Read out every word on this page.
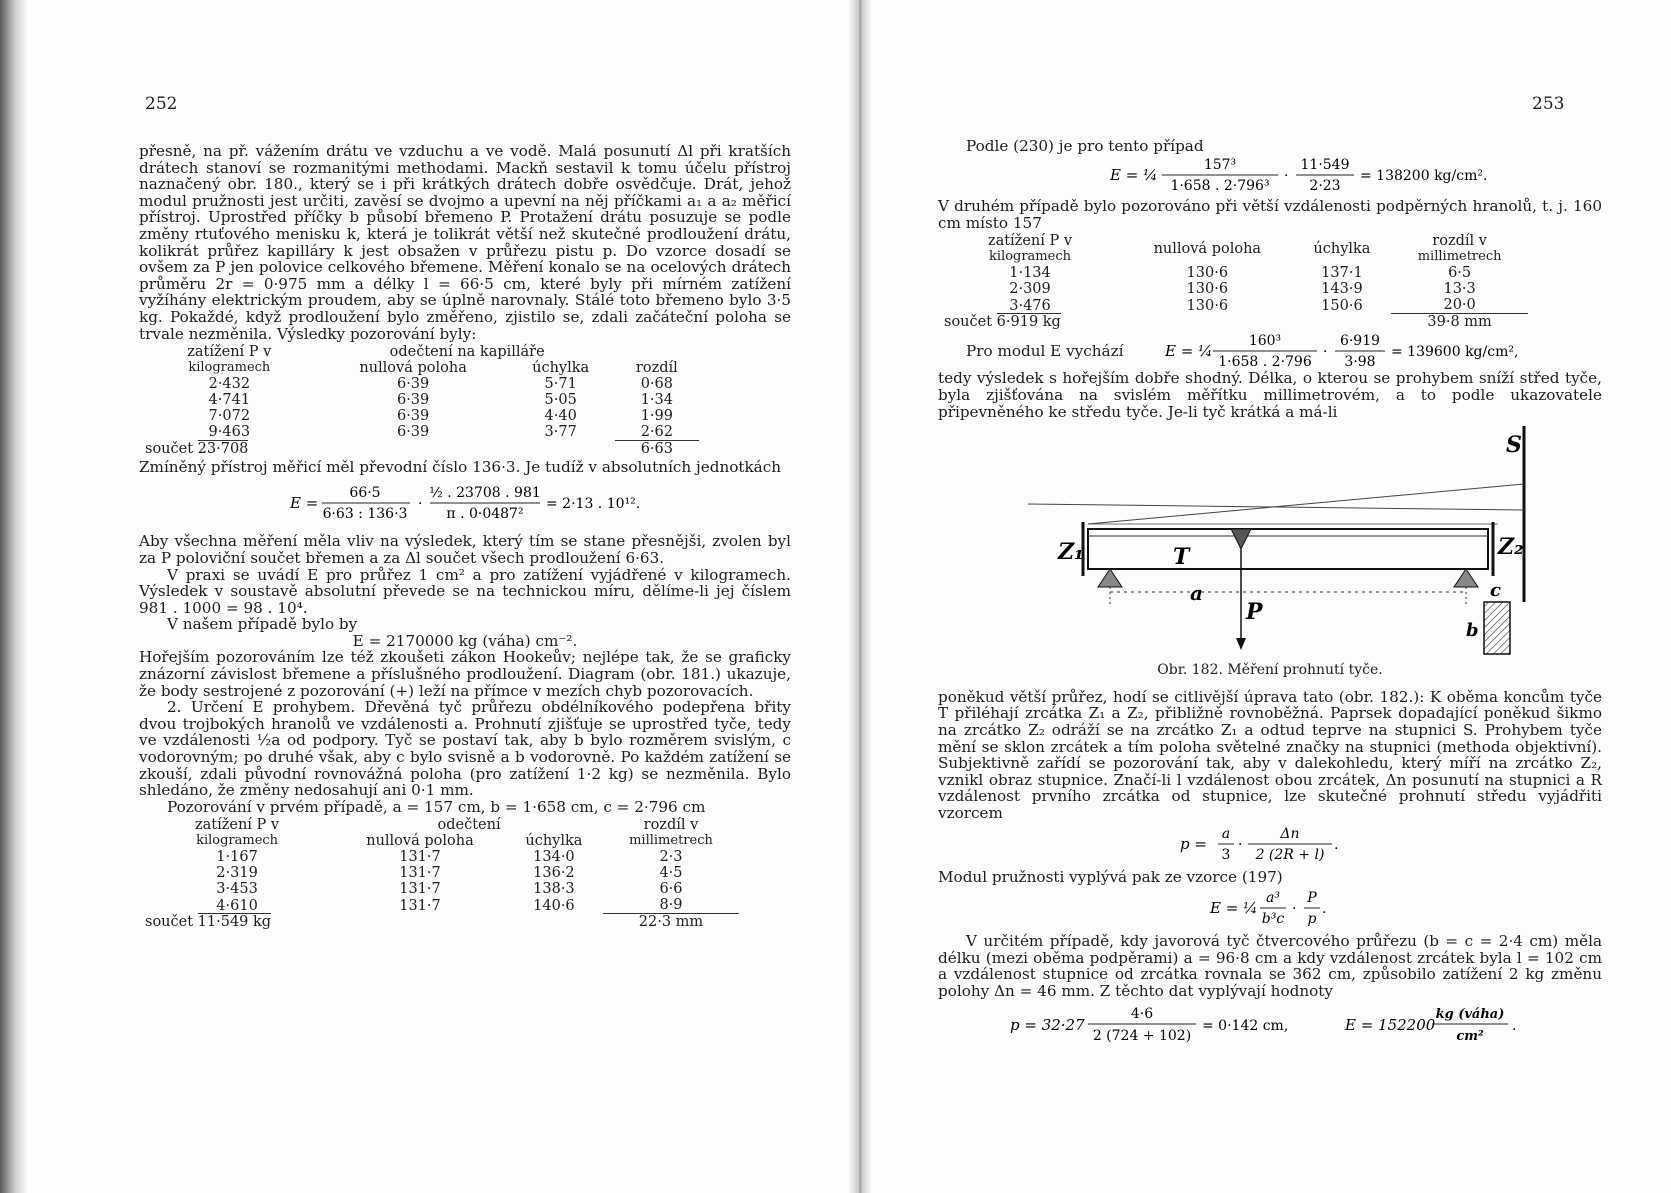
252

přesně, na př. vážením drátu ve vzduchu a ve vodě. Malá posunutí Δl při kratších drátech stanoví se rozmanitými methodami. Mackň sestavil k tomu účelu přístroj naznačený obr. 180., který se i při krátkých drátech dobře osvědčuje. Drát, jehož modul pružnosti jest určiti, zavěsí se dvojmo a upevní na něj příčkami a₁ a a₂ měřicí přístroj. Uprostřed příčky b působí břemeno P. Protažení drátu posuzuje se podle změny rtuťového menisku k, která je tolikrát větší než skutečné prodloužení drátu, kolikrát průřez kapilláry k jest obsažen v průřezu pistu p. Do vzorce dosadí se ovšem za P jen polovice celkového břemene. Měření konalo se na ocelových drátech průměru 2r = 0·975 mm a délky l = 66·5 cm, které byly při mírném zatížení vyžíhány elektrickým proudem, aby se úplně narovnaly. Stálé toto břemeno bylo 3·5 kg. Pokaždé, když prodloužení bylo změřeno, zjistilo se, zdali začáteční poloha se trvale nezměnila. Výsledky pozorování byly:

zatížení P v	odečtení na kapilláře		
kilogramech	nullová poloha	úchylka	rozdíl
2·432	6·39	5·71	0·68
4·741	6·39	5·05	1·34
7·072	6·39	4·40	1·99
9·463	6·39	3·77	2·62
součet 23·708			6·63

Zmíněný přístroj měřicí měl převodní číslo 136·3. Je tudíž v absolutních jednotkách

E =
66·5
6·63 : 136·3
·
½ . 23708 . 981
π . 0·0487²
= 2·13 . 10¹².

Aby všechna měření měla vliv na výsledek, který tím se stane přesnějši, zvolen byl za P poloviční součet břemen a za Δl součet všech prodloužení 6·63.

V praxi se uvádí E pro průřez 1 cm² a pro zatížení vyjádřené v kilogramech. Výsledek v soustavě absolutní převede se na technickou míru, dělíme-li jej číslem 981 . 1000 = 98 . 10⁴.

V našem případě bylo by

E = 2170000 kg (váha) cm⁻².

Hořejším pozorováním lze též zkoušeti zákon Hookeův; nejlépe tak, že se graficky znázorní závislost břemene a příslušného prodloužení. Diagram (obr. 181.) ukazuje, že body sestrojené z pozorování (+) leží na přímce v mezích chyb pozorovacích.

2. Určení E prohybem. Dřevěná tyč průřezu obdélníkového podepřena břity dvou trojbokých hranolů ve vzdálenosti a. Prohnutí zjišťuje se uprostřed tyče, tedy ve vzdálenosti ½a od podpory. Tyč se postaví tak, aby b bylo rozměrem svislým, c vodorovným; po druhé však, aby c bylo svisně a b vodorovně. Po každém zatížení se zkouší, zdali původní rovnovážná poloha (pro zatížení 1·2 kg) se nezměnila. Bylo shledáno, že změny nedosahují ani 0·1 mm.

Pozorování v prvém případě, a = 157 cm, b = 1·658 cm, c = 2·796 cm

zatížení P v	odečtení		rozdíl v
kilogramech	nullová poloha	úchylka	millimetrech
1·167	131·7	134·0	2·3
2·319	131·7	136·2	4·5
3·453	131·7	138·3	6·6
4·610	131·7	140·6	8·9
součet 11·549 kg			22·3 mm
253

Podle (230) je pro tento případ

E = ¼
157³
1·658 . 2·796³
·
11·549
2·23
= 138200 kg/cm².

V druhém případě bylo pozorováno při větší vzdálenosti podpěrných hranolů, t. j. 160 cm místo 157

zatížení P v	nullová poloha	úchylka	rozdíl v
kilogramech			millimetrech
1·134	130·6	137·1	6·5
2·309	130·6	143·9	13·3
3·476	130·6	150·6	20·0
součet 6·919 kg			39·8 mm
Pro modul E vychází	E = ¼
160³
1·658 . 2·796
·
6·919
3·98
= 139600 kg/cm²,

tedy výsledek s hořejším dobře shodný. Délka, o kterou se prohybem sníží střed tyče, byla zjišťována na svislém měřítku millimetrovém, a to podle ukazovatele připevněného ke středu tyče. Je-li tyč krátká a má-li

S
Z₁	Z₂
T
a
P
c
b
Obr. 182. Měření prohnutí tyče.

poněkud větší průřez, hodí se citlivější úprava tato (obr. 182.): K oběma koncům tyče T přiléhají zrcátka Z₁ a Z₂, přibližně rovnoběžná. Paprsek dopadající poněkud šikmo na zrcátko Z₂ odráží se na zrcátko Z₁ a odtud teprve na stupnici S. Prohybem tyče mění se sklon zrcátek a tím poloha světelné značky na stupnici (methoda objektivní). Subjektivně zařídí se pozorování tak, aby v dalekohledu, který míří na zrcátko Z₂, vznikl obraz stupnice. Značí-li l vzdálenost obou zrcátek, Δn posunutí na stupnici a R vzdálenost prvního zrcátka od stupnice, lze skutečné prohnutí středu vyjádřiti vzorcem

p =
a
3
·
Δn
2 (2R + l)
.

Modul pružnosti vyplývá pak ze vzorce (197)

E = ¼
a³
b³c
·
P
p
.

V určitém případě, kdy javorová tyč čtvercového průřezu (b = c = 2·4 cm) měla délku (mezi oběma podpěrami) a = 96·8 cm a kdy vzdálenost zrcátek byla l = 102 cm a vzdálenost stupnice od zrcátka rovnala se 362 cm, způsobilo zatížení 2 kg změnu polohy Δn = 46 mm. Z těchto dat vyplývají hodnoty

p = 32·27
4·6
2 (724 + 102)
= 0·142 cm,	E = 152200
kg (váha)
cm²
.
